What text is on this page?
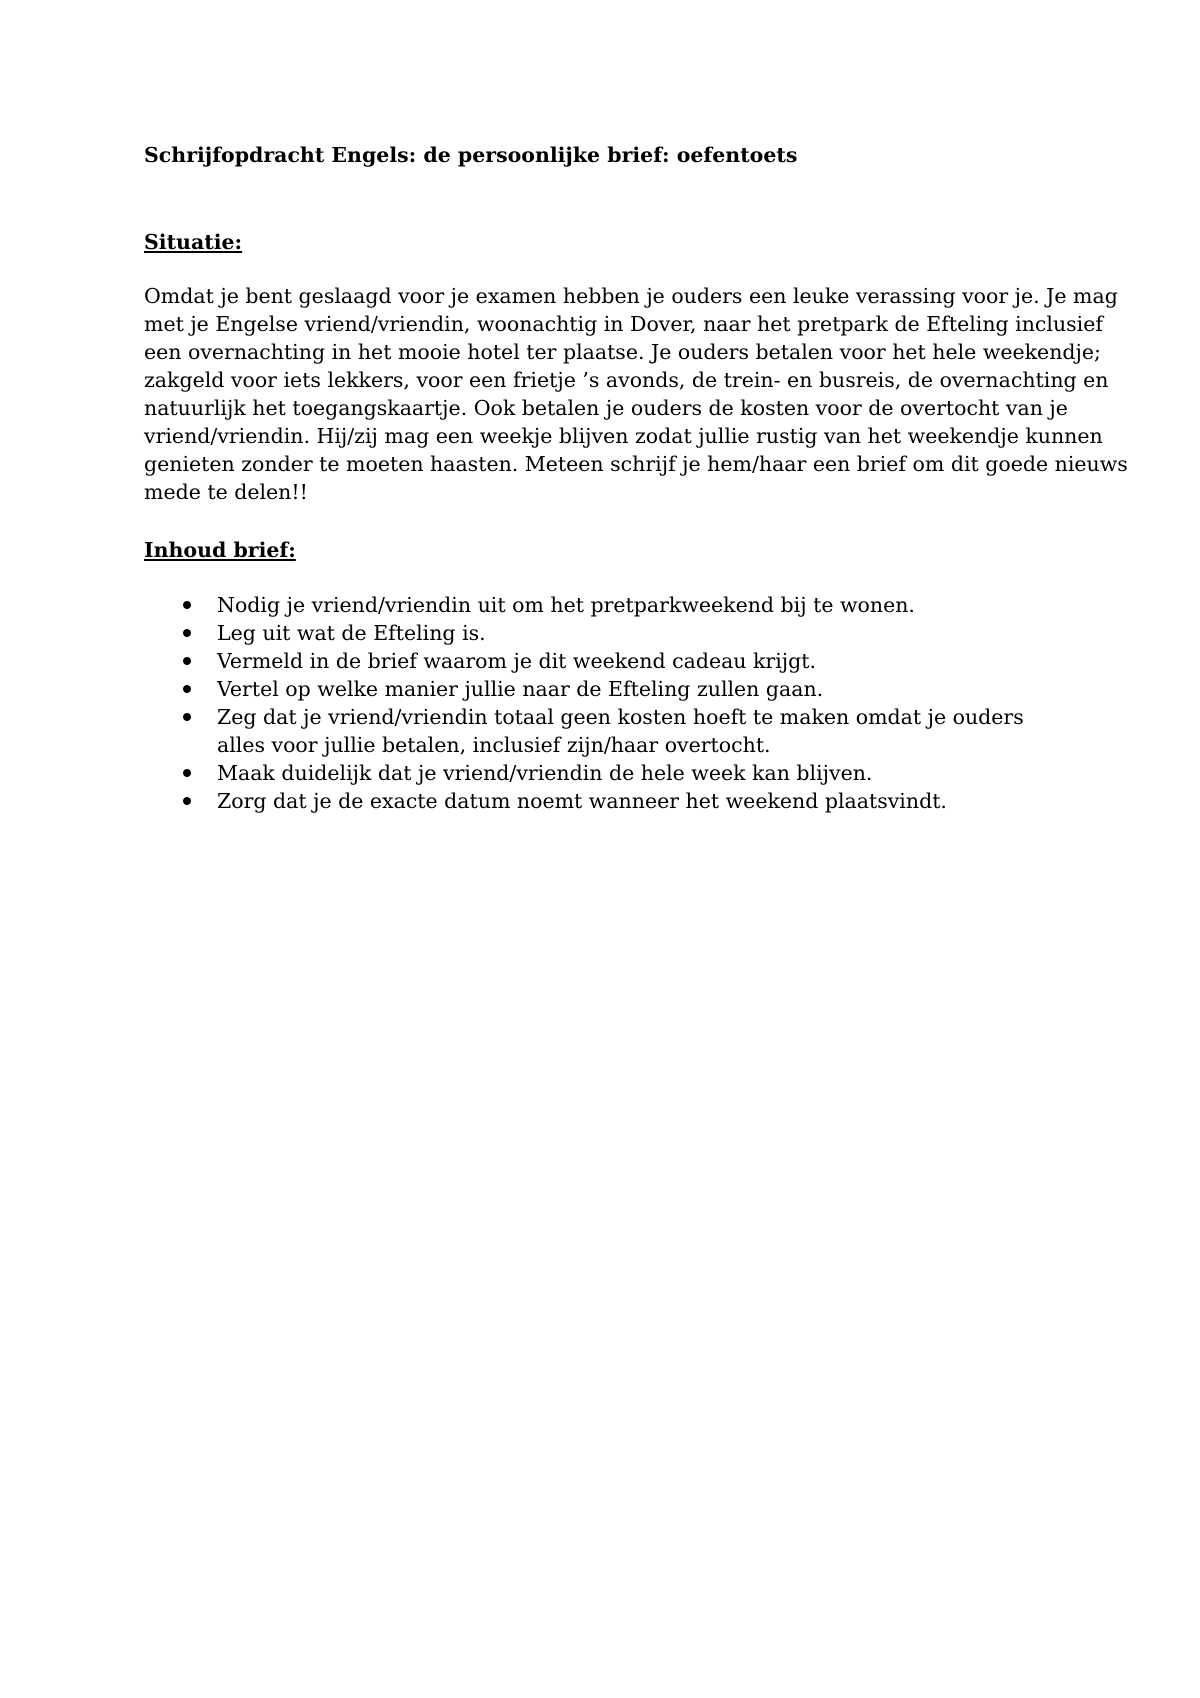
Schrijfopdracht Engels: de persoonlijke brief: oefentoets
Situatie:
Omdat je bent geslaagd voor je examen hebben je ouders een leuke verassing voor je. Je mag
met je Engelse vriend/vriendin, woonachtig in Dover, naar het pretpark de Efteling inclusief
een overnachting in het mooie hotel ter plaatse. Je ouders betalen voor het hele weekendje;
zakgeld voor iets lekkers, voor een frietje ’s avonds, de trein- en busreis, de overnachting en
natuurlijk het toegangskaartje. Ook betalen je ouders de kosten voor de overtocht van je
vriend/vriendin. Hij/zij mag een weekje blijven zodat jullie rustig van het weekendje kunnen
genieten zonder te moeten haasten. Meteen schrijf je hem/haar een brief om dit goede nieuws
mede te delen!!
Inhoud brief:
Nodig je vriend/vriendin uit om het pretparkweekend bij te wonen.
Leg uit wat de Efteling is.
Vermeld in de brief waarom je dit weekend cadeau krijgt.
Vertel op welke manier jullie naar de Efteling zullen gaan.
Zeg dat je vriend/vriendin totaal geen kosten hoeft te maken omdat je ouders alles voor jullie betalen, inclusief zijn/haar overtocht.
Maak duidelijk dat je vriend/vriendin de hele week kan blijven.
Zorg dat je de exacte datum noemt wanneer het weekend plaatsvindt.
